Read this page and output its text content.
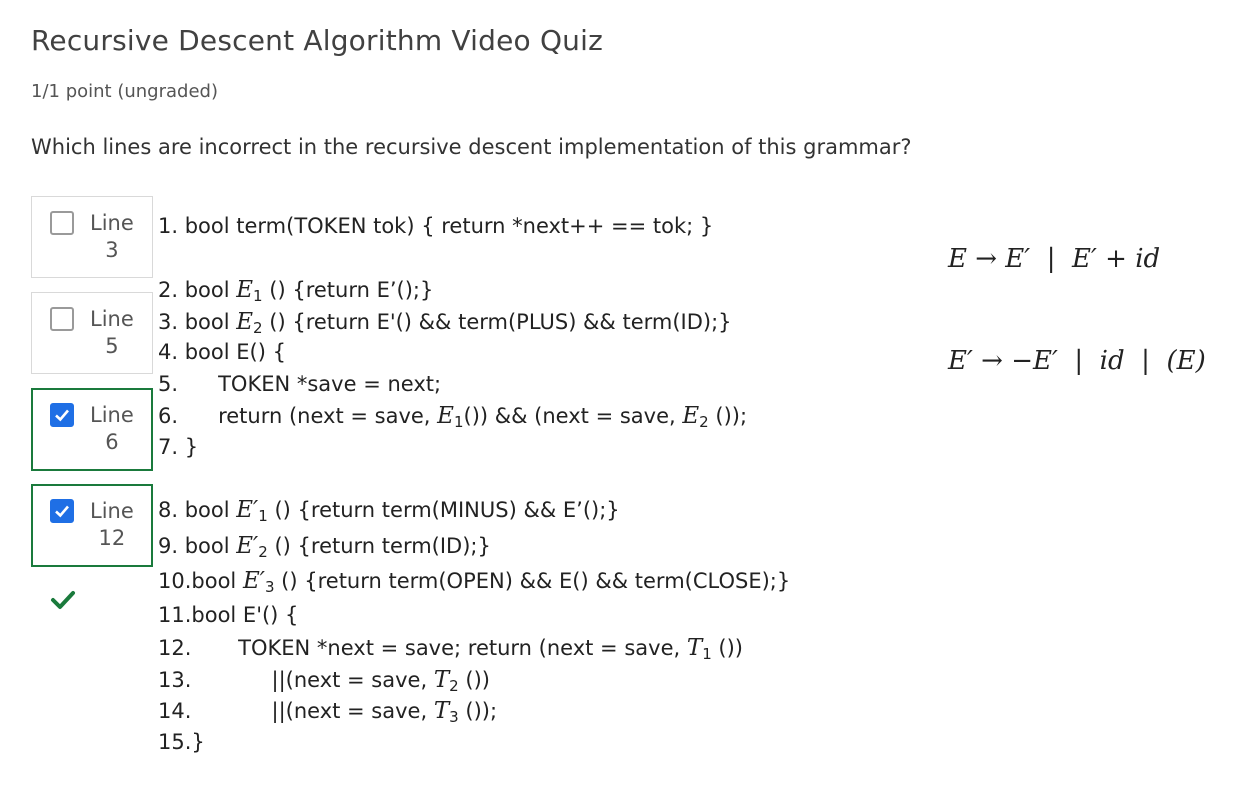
Recursive Descent Algorithm Video Quiz
1/1 point (ungraded)
Which lines are incorrect in the recursive descent implementation of this grammar?

E → E′  |  E′ + id

E′ → −E′  |  id  |  (E)

Line
3
Line
5
Line
6
Line
12
1. bool term(TOKEN tok) { return *next++ == tok; }
2. bool $E_1$ () {return E’();}
3. bool $E_2$ () {return E'() && term(PLUS) && term(ID);}
4. bool E() {
5.      TOKEN *save = next;
6.      return (next = save, $E_1()$) && (next = save, $E_2$ ());
7. }
8. bool $E'_1$ () {return term(MINUS) && E’();}
9. bool $E'_2$ () {return term(ID);}
10.bool $E'_3$ () {return term(OPEN) && E() && term(CLOSE);}
11.bool E'() {
12.       TOKEN *next = save; return (next = save, $T_1$ ())
13.            ||(next = save, $T_2$ ())
14.            ||(next = save, $T_3$ ());
15.}
